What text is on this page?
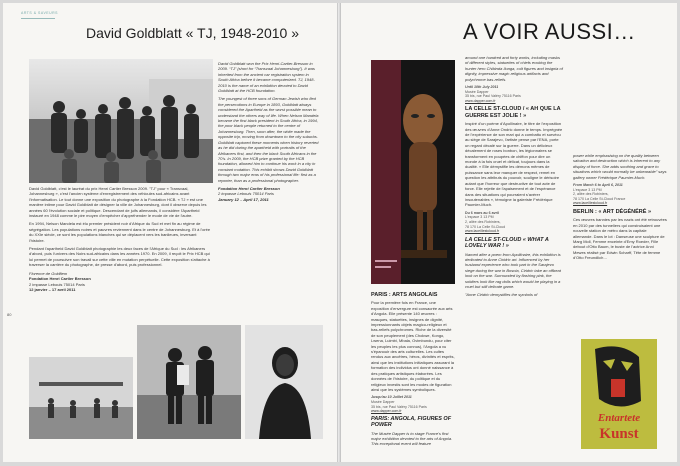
ARTS & SAVEURS
David Goldblatt « TJ, 1948-2010 »

David Goldblatt won the Prix Henri-Cartier-Bresson in 2009. “TJ” (short for “Transvaal Johannesburg”). It was inherited from the ancient car registration system in South Africa before it became computerized. TJ, 1948-2010 is the name of an exhibition devoted to David Goldblatt at the HCB foundation.

The youngest of three sons of German Jewish who fled the persecutions in Europe in 1893, Goldblatt always considered the Apartheid as the worst possible mean to understand the others way of life. When Nelson Mandela became the first black president in South Africa, in 1994, the poor black people returned to the centre of Johannesburg. Then, soon after, the white made the opposite trip, moving from downtown to the city suburbs. Goldblatt captured these moments when history reverted as he did during the apartheid with portraits of the Afrikaners first, and then the black South Africans in the 70's. In 2009, the HCB prize granted by the HCB foundation, allowed him to continue his work in a city in constant mutation. This exhibit shows David Goldblatt through two major eras of his professional life: first as a reporter, than as a professional photographer.

Fondation Henri Cartier Bresson
2 impasse Lebouis 75014 Paris
January 12 – April 17, 2011

David Goldblatt, c'est le lauréat du prix Henri Cartier Bresson 2009. "TJ" pour « Transvaal, Johannesburg », c'est l'ancien système d'enregistrement des véhicules sud-africains avant l'informatisation. Le tout donne une exposition du photographe à la Fondation HCB. « TJ » est une manière intime pour David Goldblatt de désigner la ville de Johannesburg, dont il observe depuis les années 60 l'évolution sociale et politique. Descendant de juifs allemands, il considère l'Apartheid instauré en 1948 comme le pire moyen d'empêcher d'appréhender le mode de vie de l'autre.

En 1994, Nelson Mandela est élu premier président noir d'Afrique du Sud et met fin au régime de ségrégation. Les populations noires et pauvres reviennent dans le centre de Johannesburg. Et à l'orée du XXIe siècle, ce sont les populations blanches qui se déplacent vers les banlieues, inversant l'histoire.

Pendant l'apartheid David Goldblatt photographie les deux faces de l'Afrique du Sud : les Afrikaners d'abord, puis l'univers des Noirs sud-africains dans les années 1970. En 2009, il reçoit le Prix HCB qui lui permet de poursuivre son travail sur cette ville en mutation perpétuelle. Cette exposition s'attache à traverser la carrière du photographe, de presse d'abord, puis professionnel.

Florence de Goldfiem
Fondation Henri Cartier Bresson
2 impasse Lebouis 75014 Paris
12 janvier – 17 avril 2011

80
A VOIR AUSSI…
PARIS : ARTS ANGOLAIS

Pour la première fois en France, une exposition d'envergure est consacrée aux arts d'Angola. Elle présente 140 œuvres : masques, statuettes, insignes de dignité, impressionnants objets magico-religieux et bas-reliefs polychromes. Riche de la diversité de son peuplement (des Chokwe, Kongo, Lwena, Luimbi, Mbala, Ovimbundu, pour citer les peuples les plus connus), l'Angola a vu s'épanouir des arts culturelles. Les cultes rendus aux ancêtres, héros, divinités et esprits, ainsi que les institutions initiatiques assurant la formation des individus ont donné naissance à des pratiques artistiques élaborées. Les données de l'histoire, du politique et du religieux investis sont les modes de figuration ainsi que les systèmes symboliques.

Jusqu'au 10 Juillet 2011
Musée Dapper
35 bis, rue Paul Valéry 75116 Paris
www.dapper.com.fr

PARIS: ANGOLA, FIGURES OF POWER

The Musée Dapper is to stage France's first major exhibition devoted to the arts of Angola. This exceptional event will feature

around one hundred and forty works, including masks of different styles, statuettes of chiefs evoking the hunter hero Chibinda Ilunga, cult figures and insignia of dignity, impressive magic-religious artifacts and polychrome bas-reliefs.

Until 10th July 2011
Musée Dapper
35 bis, rue Paul Valéry 75116 Paris
www.dapper.com.fr

LA CELLE ST-CLOUD / « AH QUE LA GUERRE EST JOLIE ! »

Inspiré d'un poème d'Apollinaire, le titre de l'exposition des œuvres d'Anne Ondric donne le temps. Imprégnée de l'expérience de son mari qui a combattu et survécu au siège de Sarajevo, l'artiste pense par l'ENA, porte un regard décalé sur la guerre. Dans un délicieux décalement de roses bonbon, les légionnaires se transforment en poupées de chiffon pour dire un monde à la fois cruel et délicat, toujours dans la dualité. « Elle démystifie les démons mêmes de puissance sans leur manquer de respect, remet en question les attributs du pouvoir, souligne le dérisoire autant que l'horreur que destructive de tout acte de force. Elle rejette de l'apaisement et de l'espérance dans des situations qui pourraient s'avérer insoutenables », témoigne la galeriste Frédérique Paumier-Much.

Du 6 mars au 6 avril
L'espace 3 13 PM
2, allée des Robiniers,
78 170 La Celle St-Cloud
www.laceillestcloud.fr

LA CELLE ST-CLOUD « WHAT A LOVELY WAR ! »

Named after a poem from Apollinaire, this exhibition is dedicated to Anne Ciridric art. Influenced by her husband experience who took part in the Sarajevo siege during the war in Bosnia, Ciridric take an offbeat look on the war. Surrounded by flashing pink, the soldiers look like rag dolls which would be playing in a cruel but still delicate game.

"Anne Ciridric demystifies the symbols of

power while emphasising on the quality between salvation and destruction which is inherent to any display of force. She adds soothing and grace to situations which would normally be unbearable" says gallery owner Frédérique Paumier-Much.

From March 6 to April 6, 2011
L'espace 3 13 PM
2, allée des Robiniers,
78 170 La Celle St-Cloud France
www.laceillestcloud.fr

BERLIN : « ART DÉGÉNÉRÉ »

Ces œuvres bannies par les nazis ont été retrouvées en 2010 par des tunneliers qui construisaient une nouvelle station de métro dans la capitale allemande. Dans le lot : Danseuse une sculpture de Marg Moll, Femme enceinte d'Emy Roeder, Fille debout d'Otto Baum, le buste de l'actrice Anni Mewes réalisé par Edwin Scharff, Tête de femme d'Otto Freundlich…

Entartete
Kunst
